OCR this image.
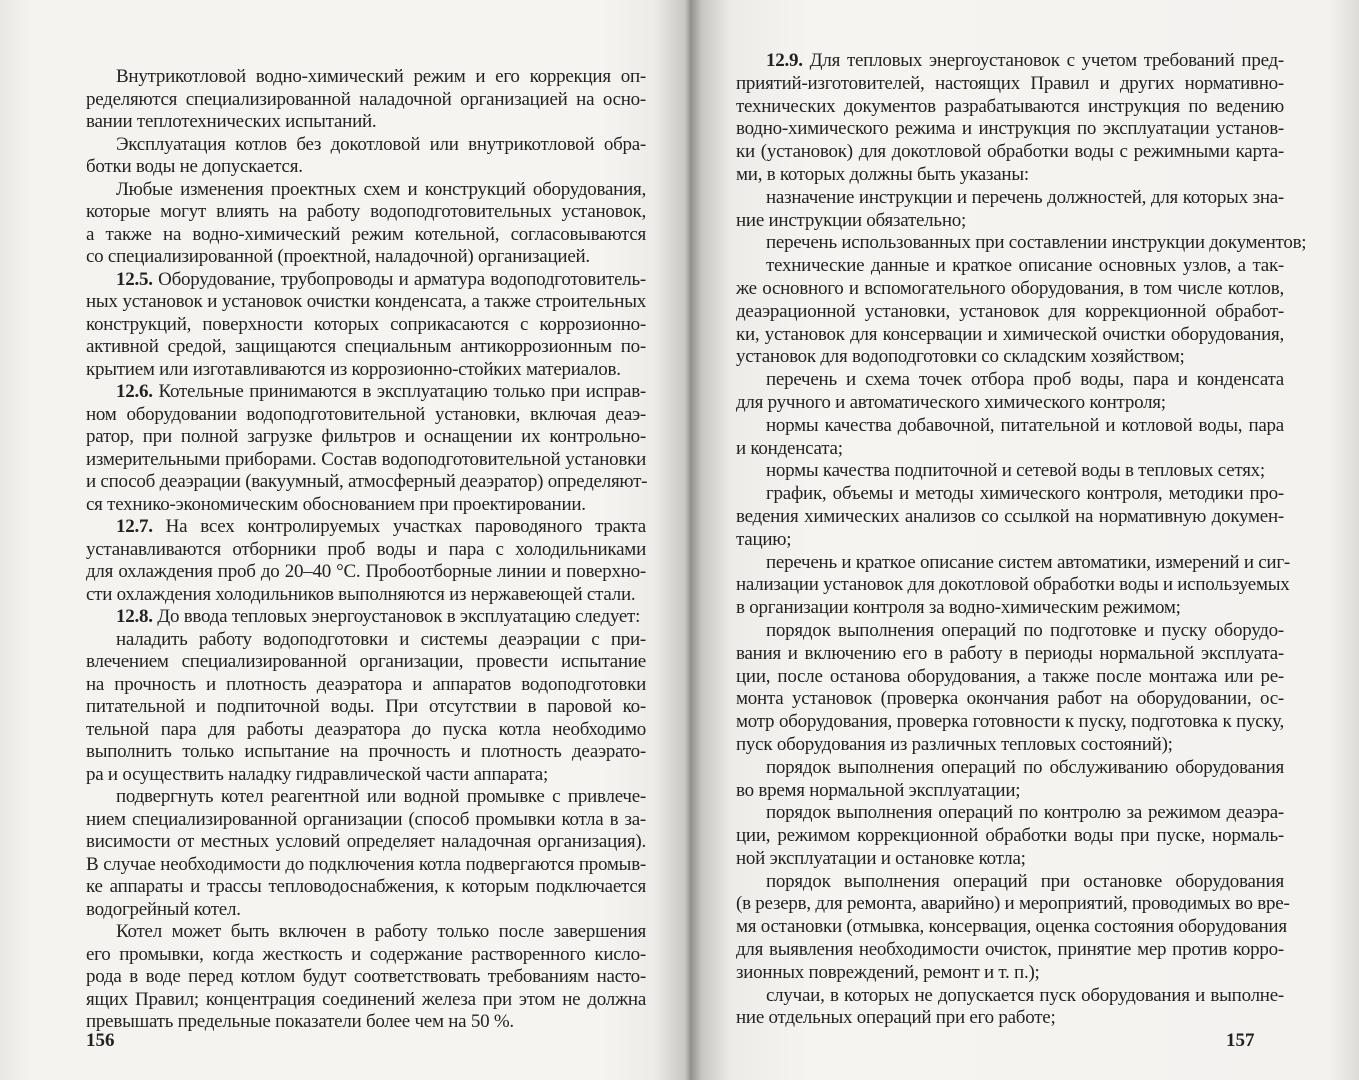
Внутрикотловой водно-химический режим и его коррекция оп-
ределяются специализированной наладочной организацией на осно-
вании теплотехнических испытаний.
Эксплуатация котлов без докотловой или внутрикотловой обра-
ботки воды не допускается.
Любые изменения проектных схем и конструкций оборудования,
которые могут влиять на работу водоподготовительных установок,
а также на водно-химический режим котельной, согласовываются
со специализированной (проектной, наладочной) организацией.
12.5. Оборудование, трубопроводы и арматура водоподготовитель-
ных установок и установок очистки конденсата, а также строительных
конструкций, поверхности которых соприкасаются с коррозионно-
активной средой, защищаются специальным антикоррозионным по-
крытием или изготавливаются из коррозионно-стойких материалов.
12.6. Котельные принимаются в эксплуатацию только при исправ-
ном оборудовании водоподготовительной установки, включая деаэ-
ратор, при полной загрузке фильтров и оснащении их контрольно-
измерительными приборами. Состав водоподготовительной установки
и способ деаэрации (вакуумный, атмосферный деаэратор) определяют-
ся технико-экономическим обоснованием при проектировании.
12.7. На всех контролируемых участках пароводяного тракта
устанавливаются отборники проб воды и пара с холодильниками
для охлаждения проб до 20–40 °С. Пробоотборные линии и поверхно-
сти охлаждения холодильников выполняются из нержавеющей стали.
12.8. До ввода тепловых энергоустановок в эксплуатацию следует:
наладить работу водоподготовки и системы деаэрации с при-
влечением специализированной организации, провести испытание
на прочность и плотность деаэратора и аппаратов водоподготовки
питательной и подпиточной воды. При отсутствии в паровой ко-
тельной пара для работы деаэратора до пуска котла необходимо
выполнить только испытание на прочность и плотность деаэрато-
ра и осуществить наладку гидравлической части аппарата;
подвергнуть котел реагентной или водной промывке с привлече-
нием специализированной организации (способ промывки котла в за-
висимости от местных условий определяет наладочная организация).
В случае необходимости до подключения котла подвергаются промыв-
ке аппараты и трассы тепловодоснабжения, к которым подключается
водогрейный котел.
Котел может быть включен в работу только после завершения
его промывки, когда жесткость и содержание растворенного кисло-
рода в воде перед котлом будут соответствовать требованиям насто-
ящих Правил; концентрация соединений железа при этом не должна
превышать предельные показатели более чем на 50 %.
156
12.9. Для тепловых энергоустановок с учетом требований пред-
приятий-изготовителей, настоящих Правил и других нормативно-
технических документов разрабатываются инструкция по ведению
водно-химического режима и инструкция по эксплуатации установ-
ки (установок) для докотловой обработки воды с режимными карта-
ми, в которых должны быть указаны:
назначение инструкции и перечень должностей, для которых зна-
ние инструкции обязательно;
перечень использованных при составлении инструкции документов;
технические данные и краткое описание основных узлов, а так-
же основного и вспомогательного оборудования, в том числе котлов,
деаэрационной установки, установок для коррекционной обработ-
ки, установок для консервации и химической очистки оборудования,
установок для водоподготовки со складским хозяйством;
перечень и схема точек отбора проб воды, пара и конденсата
для ручного и автоматического химического контроля;
нормы качества добавочной, питательной и котловой воды, пара
и конденсата;
нормы качества подпиточной и сетевой воды в тепловых сетях;
график, объемы и методы химического контроля, методики про-
ведения химических анализов со ссылкой на нормативную докумен-
тацию;
перечень и краткое описание систем автоматики, измерений и сиг-
нализации установок для докотловой обработки воды и используемых
в организации контроля за водно-химическим режимом;
порядок выполнения операций по подготовке и пуску оборудо-
вания и включению его в работу в периоды нормальной эксплуата-
ции, после останова оборудования, а также после монтажа или ре-
монта установок (проверка окончания работ на оборудовании, ос-
мотр оборудования, проверка готовности к пуску, подготовка к пуску,
пуск оборудования из различных тепловых состояний);
порядок выполнения операций по обслуживанию оборудования
во время нормальной эксплуатации;
порядок выполнения операций по контролю за режимом деаэра-
ции, режимом коррекционной обработки воды при пуске, нормаль-
ной эксплуатации и остановке котла;
порядок выполнения операций при остановке оборудования
(в резерв, для ремонта, аварийно) и мероприятий, проводимых во вре-
мя остановки (отмывка, консервация, оценка состояния оборудования
для выявления необходимости очисток, принятие мер против корро-
зионных повреждений, ремонт и т. п.);
случаи, в которых не допускается пуск оборудования и выполне-
ние отдельных операций при его работе;
157
